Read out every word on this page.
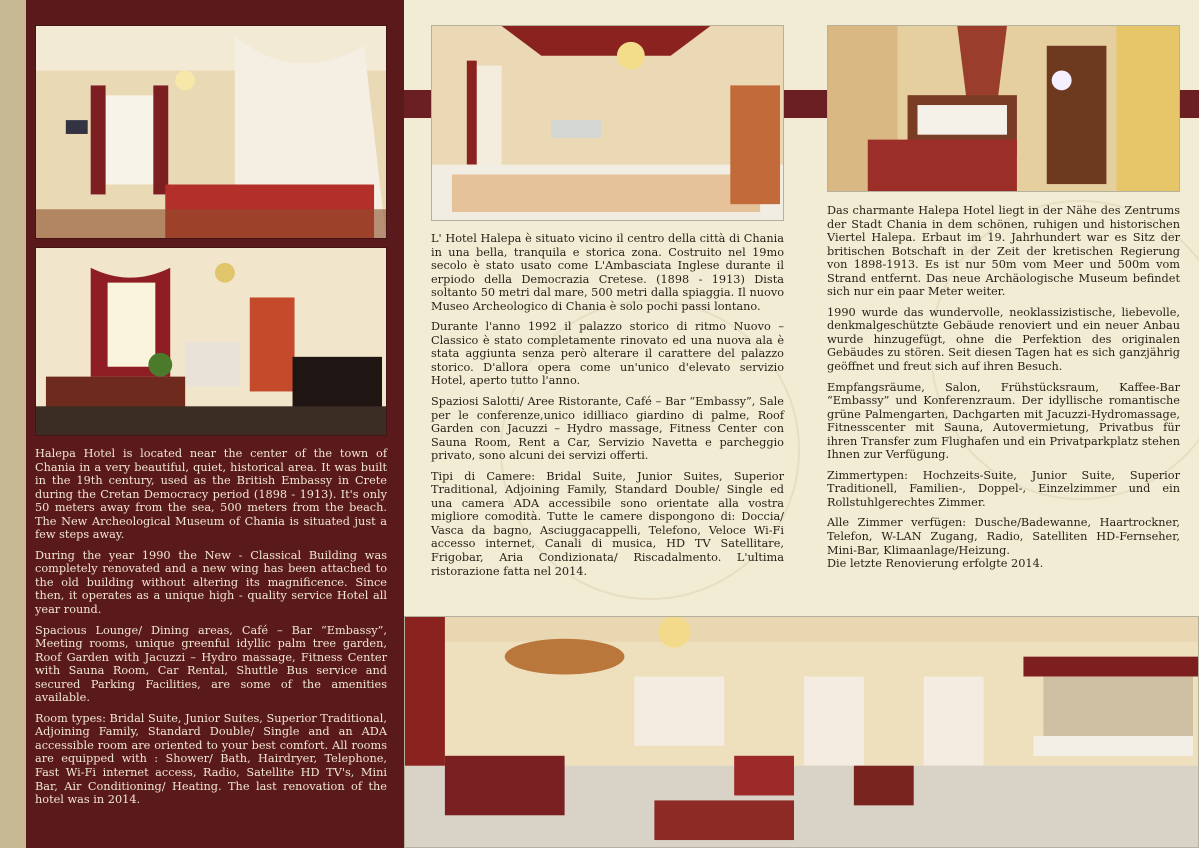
Halepa Hotel is located near the center of the town of Chania in a very beautiful, quiet, historical area. It was built in the 19th century, used as the British Embassy in Crete during the Cretan Democracy period (1898 - 1913). It's only 50 meters away from the sea, 500 meters from the beach. The New Archeological Museum of Chania is situated just a few steps away.

During the year 1990 the New - Classical Building was completely renovated and a new wing has been attached to the old building without altering its magnificence. Since then, it operates as a unique high - quality service Hotel all year round.

Spacious Lounge/ Dining areas, Café – Bar “Embassy”, Meeting rooms, unique greenful idyllic palm tree garden, Roof Garden with Jacuzzi – Hydro massage, Fitness Center with Sauna Room, Car Rental, Shuttle Bus service and secured Parking Facilities, are some of the amenities available.

Room types: Bridal Suite, Junior Suites, Superior Traditional, Adjoining Family, Standard Double/ Single and an ADA accessible room are oriented to your best comfort. All rooms are equipped with : Shower/ Bath, Hairdryer, Telephone, Fast Wi-Fi internet access, Radio, Satellite HD TV's, Mini Bar, Air Conditioning/ Heating. The last renovation of the hotel was in 2014.

L' Hotel Halepa è situato vicino il centro della città di Chania in una bella, tranquila e storica zona. Costruito nel 19mo secolo è stato usato come L'Ambasciata Inglese durante il erpiodo della Democrazia Cretese. (1898 - 1913) Dista soltanto 50 metri dal mare, 500 metri dalla spiaggia. Il nuovo Museo Archeologico di Chania è solo pochi passi lontano.

Durante l'anno 1992 il palazzo storico di ritmo Nuovo – Classico è stato completamente rinovato ed una nuova ala è stata aggiunta senza però alterare il carattere del palazzo storico. D'allora opera come un'unico d'elevato servizio Hotel, aperto tutto l'anno.

Spaziosi Salotti/ Aree Ristorante, Café – Bar “Embassy”, Sale per le conferenze,unico idilliaco giardino di palme, Roof Garden con Jacuzzi – Hydro massage, Fitness Center con Sauna Room, Rent a Car, Servizio Navetta e parcheggio privato, sono alcuni dei servizi offerti.

Tipi di Camere: Bridal Suite, Junior Suites, Superior Traditional, Adjoining Family, Standard Double/ Single ed una camera ADA accessibile sono orientate alla vostra migliore comodità. Tutte le camere dispongono di: Doccia/ Vasca da bagno, Asciuggacappelli, Telefono, Veloce Wi-Fi accesso internet, Canali di musica, HD TV Satellitare, Frigobar, Aria Condizionata/ Riscadalmento. L'ultima ristorazione fatta nel 2014.

Das charmante Halepa Hotel liegt in der Nähe des Zentrums der Stadt Chania in dem schönen, ruhigen und historischen Viertel Halepa. Erbaut im 19. Jahrhundert war es Sitz der britischen Botschaft in der Zeit der kretischen Regierung von 1898-1913. Es ist nur 50m vom Meer und 500m vom Strand entfernt. Das neue Archäologische Museum befindet sich nur ein paar Meter weiter.

1990 wurde das wundervolle, neoklassizistische, liebevolle, denkmalgeschützte Gebäude renoviert und ein neuer Anbau wurde hinzugefügt, ohne die Perfektion des originalen Gebäudes zu stören. Seit diesen Tagen hat es sich ganzjährig geöffnet und freut sich auf ihren Besuch.

Empfangsräume, Salon, Frühstücksraum, Kaffee-Bar “Embassy” und Konferenzraum. Der idyllische romantische grüne Palmengarten, Dachgarten mit Jacuzzi-Hydromassage, Fitnesscenter mit Sauna, Autovermietung, Privatbus für ihren Transfer zum Flughafen und ein Privatparkplatz stehen Ihnen zur Verfügung.

Zimmertypen: Hochzeits-Suite, Junior Suite, Superior Traditionell, Familien-, Doppel-, Einzelzimmer und ein Rollstuhlgerechtes Zimmer.

Alle Zimmer verfügen: Dusche/Badewanne, Haartrockner, Telefon, W-LAN Zugang, Radio, Satelliten HD-Fernseher, Mini-Bar, Klimaanlage/Heizung.

Die letzte Renovierung erfolgte 2014.
